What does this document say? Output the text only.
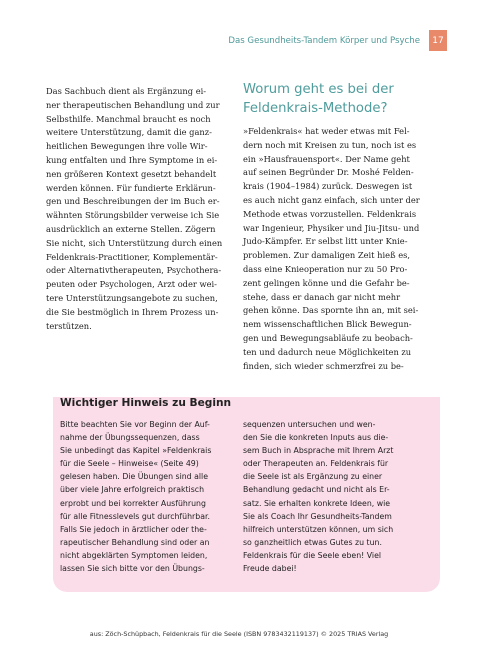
Das Gesundheits-Tandem Körper und Psyche	17
Das Sachbuch dient als Ergänzung ei-
ner therapeutischen Behandlung und zur
Selbsthilfe. Manchmal braucht es noch
weitere Unterstützung, damit die ganz-
heitlichen Bewegungen ihre volle Wir-
kung entfalten und Ihre Symptome in ei-
nen größeren Kontext gesetzt behandelt
werden können. Für fundierte Erklärun-
gen und Beschreibungen der im Buch er-
wähnten Störungsbilder verweise ich Sie
ausdrücklich an externe Stellen. Zögern
Sie nicht, sich Unterstützung durch einen
Feldenkrais-Practitioner, Komplementär-
oder Alternativtherapeuten, Psychothera-
peuten oder Psychologen, Arzt oder wei-
tere Unterstützungsangebote zu suchen,
die Sie bestmöglich in Ihrem Prozess un-
terstützen.
Worum geht es bei der
Feldenkrais-Methode?
»Feldenkrais« hat weder etwas mit Fel-
dern noch mit Kreisen zu tun, noch ist es
ein »Hausfrauensport«. Der Name geht
auf seinen Begründer Dr. Moshé Felden-
krais (1904–1984) zurück. Deswegen ist
es auch nicht ganz einfach, sich unter der
Methode etwas vorzustellen. Feldenkrais
war Ingenieur, Physiker und Jiu-Jitsu- und
Judo-Kämpfer. Er selbst litt unter Knie-
problemen. Zur damaligen Zeit hieß es,
dass eine Knieoperation nur zu 50 Pro-
zent gelingen könne und die Gefahr be-
stehe, dass er danach gar nicht mehr
gehen könne. Das spornte ihn an, mit sei-
nem wissenschaftlichen Blick Bewegun-
gen und Bewegungsabläufe zu beobach-
ten und dadurch neue Möglichkeiten zu
finden, sich wieder schmerzfrei zu be-
Wichtiger Hinweis zu Beginn
Bitte beachten Sie vor Beginn der Auf-
nahme der Übungssequenzen, dass
Sie unbedingt das Kapitel »Feldenkrais
für die Seele – Hinweise« (Seite 49)
gelesen haben. Die Übungen sind alle
über viele Jahre erfolgreich praktisch
erprobt und bei korrekter Ausführung
für alle Fitnesslevels gut durchführbar.
Falls Sie jedoch in ärztlicher oder the-
rapeutischer Behandlung sind oder an
nicht abgeklärten Symptomen leiden,
lassen Sie sich bitte vor den Übungs-
sequenzen untersuchen und wen-
den Sie die konkreten Inputs aus die-
sem Buch in Absprache mit Ihrem Arzt
oder Therapeuten an. Feldenkrais für
die Seele ist als Ergänzung zu einer
Behandlung gedacht und nicht als Er-
satz. Sie erhalten konkrete Ideen, wie
Sie als Coach Ihr Gesundheits-Tandem
hilfreich unterstützen können, um sich
so ganzheitlich etwas Gutes zu tun.
Feldenkrais für die Seele eben! Viel
Freude dabei!
aus: Zöch-Schüpbach, Feldenkrais für die Seele (ISBN 9783432119137) © 2025 TRIAS Verlag
